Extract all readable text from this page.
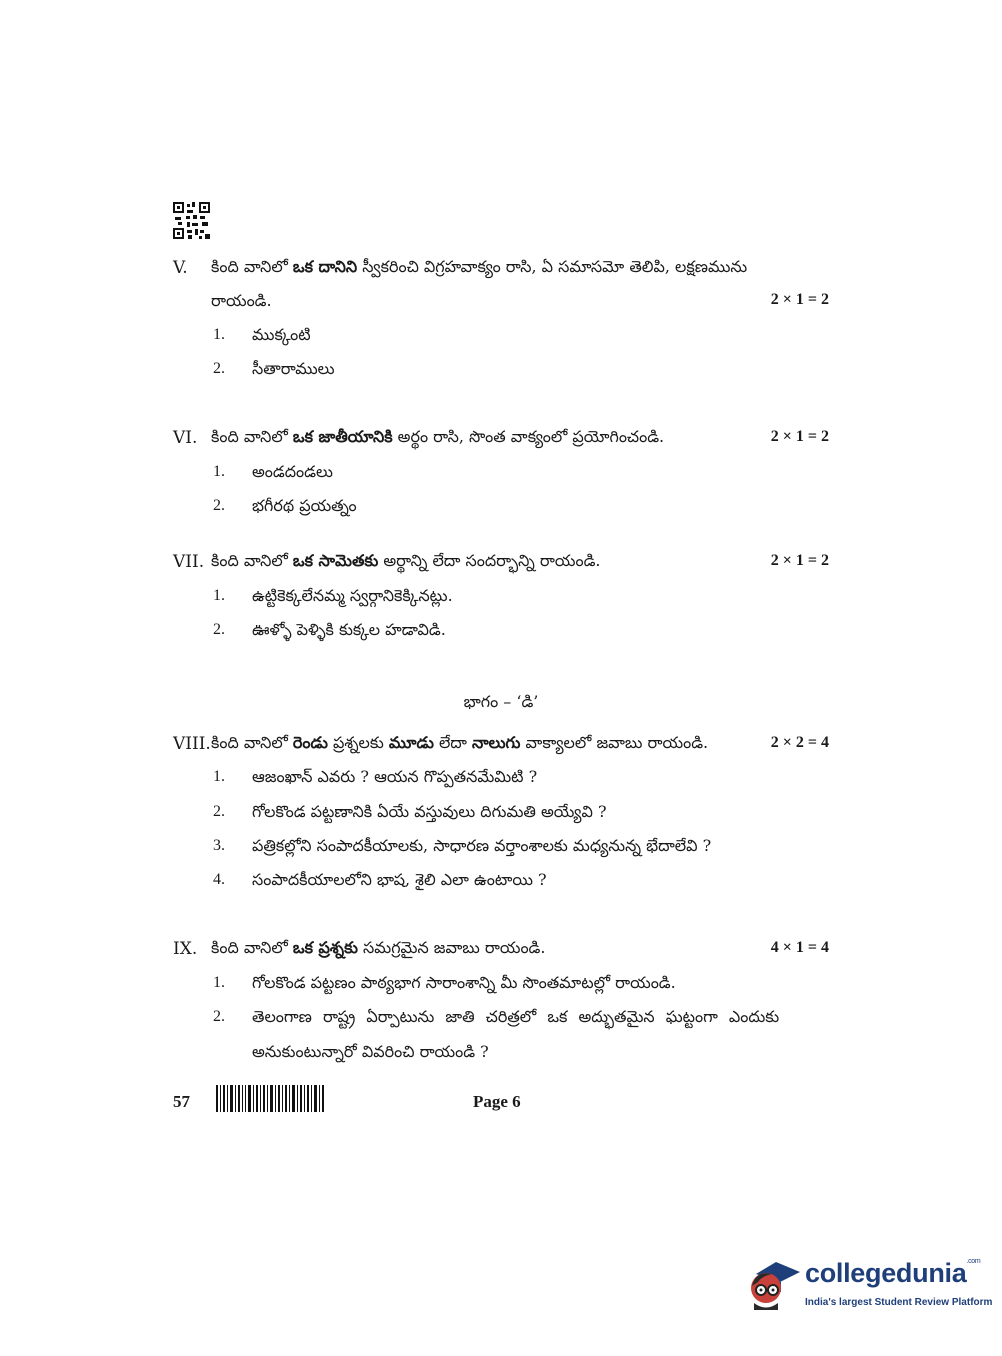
V. కింది వానిలో ఒక దానిని స్వీకరించి విగ్రహవాక్యం రాసి, ఏ సమాసమో తెలిపి, లక్షణమును
రాయండి.	2 × 1 = 2
1. ముక్కంటి
2. సీతారాములు
VI. కింది వానిలో ఒక జాతీయానికి అర్థం రాసి, సొంత వాక్యంలో ప్రయోగించండి.	2 × 1 = 2
1. అండదండలు
2. భగీరథ ప్రయత్నం
VII. కింది వానిలో ఒక సామెతకు అర్థాన్ని లేదా సందర్భాన్ని రాయండి.	2 × 1 = 2
1. ఉట్టికెక్కలేనమ్మ స్వర్గానికెక్కినట్లు.
2. ఊళ్ళో పెళ్ళికి కుక్కల హడావిడి.
భాగం – ‘డి’
VIII. కింది వానిలో రెండు ప్రశ్నలకు మూడు లేదా నాలుగు వాక్యాలలో జవాబు రాయండి.	2 × 2 = 4
1. ఆజంఖాన్ ఎవరు ? ఆయన గొప్పతనమేమిటి ?
2. గోలకొండ పట్టణానికి ఏయే వస్తువులు దిగుమతి అయ్యేవి ?
3. పత్రికల్లోని సంపాదకీయాలకు, సాధారణ వర్తాంశాలకు మధ్యనున్న భేదాలేవి ?
4. సంపాదకీయాలలోని భాష, శైలి ఎలా ఉంటాయి ?
IX. కింది వానిలో ఒక ప్రశ్నకు సమగ్రమైన జవాబు రాయండి.	4 × 1 = 4
1. గోలకొండ పట్టణం పాఠ్యభాగ సారాంశాన్ని మీ సొంతమాటల్లో రాయండి.
2. తెలంగాణ రాష్ట్ర ఏర్పాటును జాతి చరిత్రలో ఒక అద్భుతమైన ఘట్టంగా ఎందుకు
అనుకుంటున్నారో వివరించి రాయండి ?
57	Page 6
collegedunia$^{.com}$
India's largest Student Review Platform
